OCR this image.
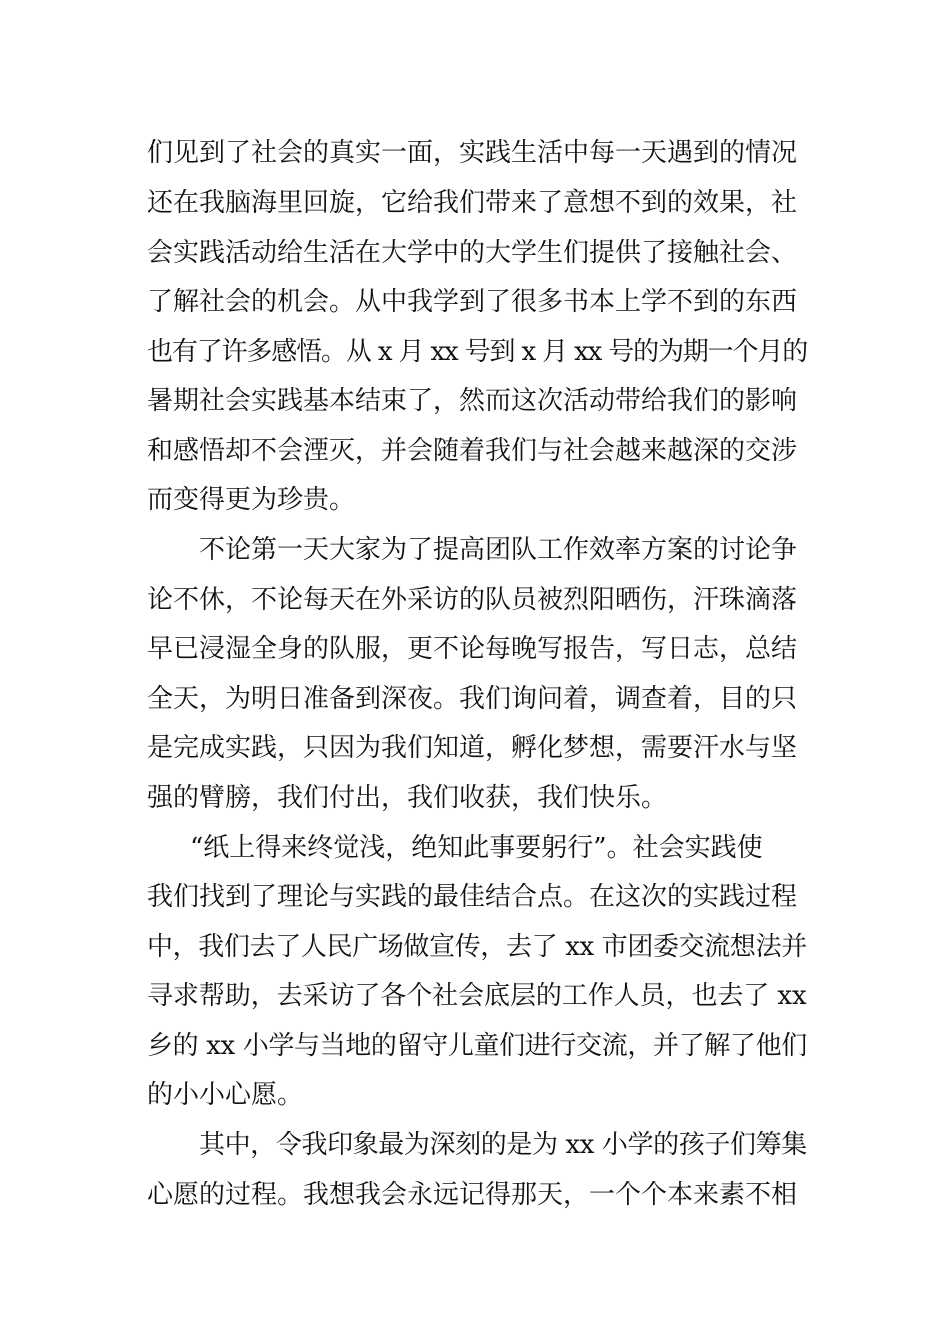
们见到了社会的真实一面，实践生活中每一天遇到的情况
还在我脑海里回旋，它给我们带来了意想不到的效果，社
会实践活动给生活在大学中的大学生们提供了接触社会、
了解社会的机会。从中我学到了很多书本上学不到的东西
也有了许多感悟。从 x 月 xx 号到 x 月 xx 号的为期一个月的
暑期社会实践基本结束了，然而这次活动带给我们的影响
和感悟却不会湮灭，并会随着我们与社会越来越深的交涉
而变得更为珍贵。
不论第一天大家为了提高团队工作效率方案的讨论争
论不休，不论每天在外采访的队员被烈阳晒伤，汗珠滴落
早已浸湿全身的队服，更不论每晚写报告，写日志，总结
全天，为明日准备到深夜。我们询问着，调查着，目的只
是完成实践，只因为我们知道，孵化梦想，需要汗水与坚
强的臂膀，我们付出，我们收获，我们快乐。
“纸上得来终觉浅，绝知此事要躬行”。社会实践使
我们找到了理论与实践的最佳结合点。在这次的实践过程
中，我们去了人民广场做宣传，去了 xx 市团委交流想法并
寻求帮助，去采访了各个社会底层的工作人员，也去了 xx
乡的 xx 小学与当地的留守儿童们进行交流，并了解了他们
的小小心愿。
其中，令我印象最为深刻的是为 xx 小学的孩子们筹集
心愿的过程。我想我会永远记得那天，一个个本来素不相
